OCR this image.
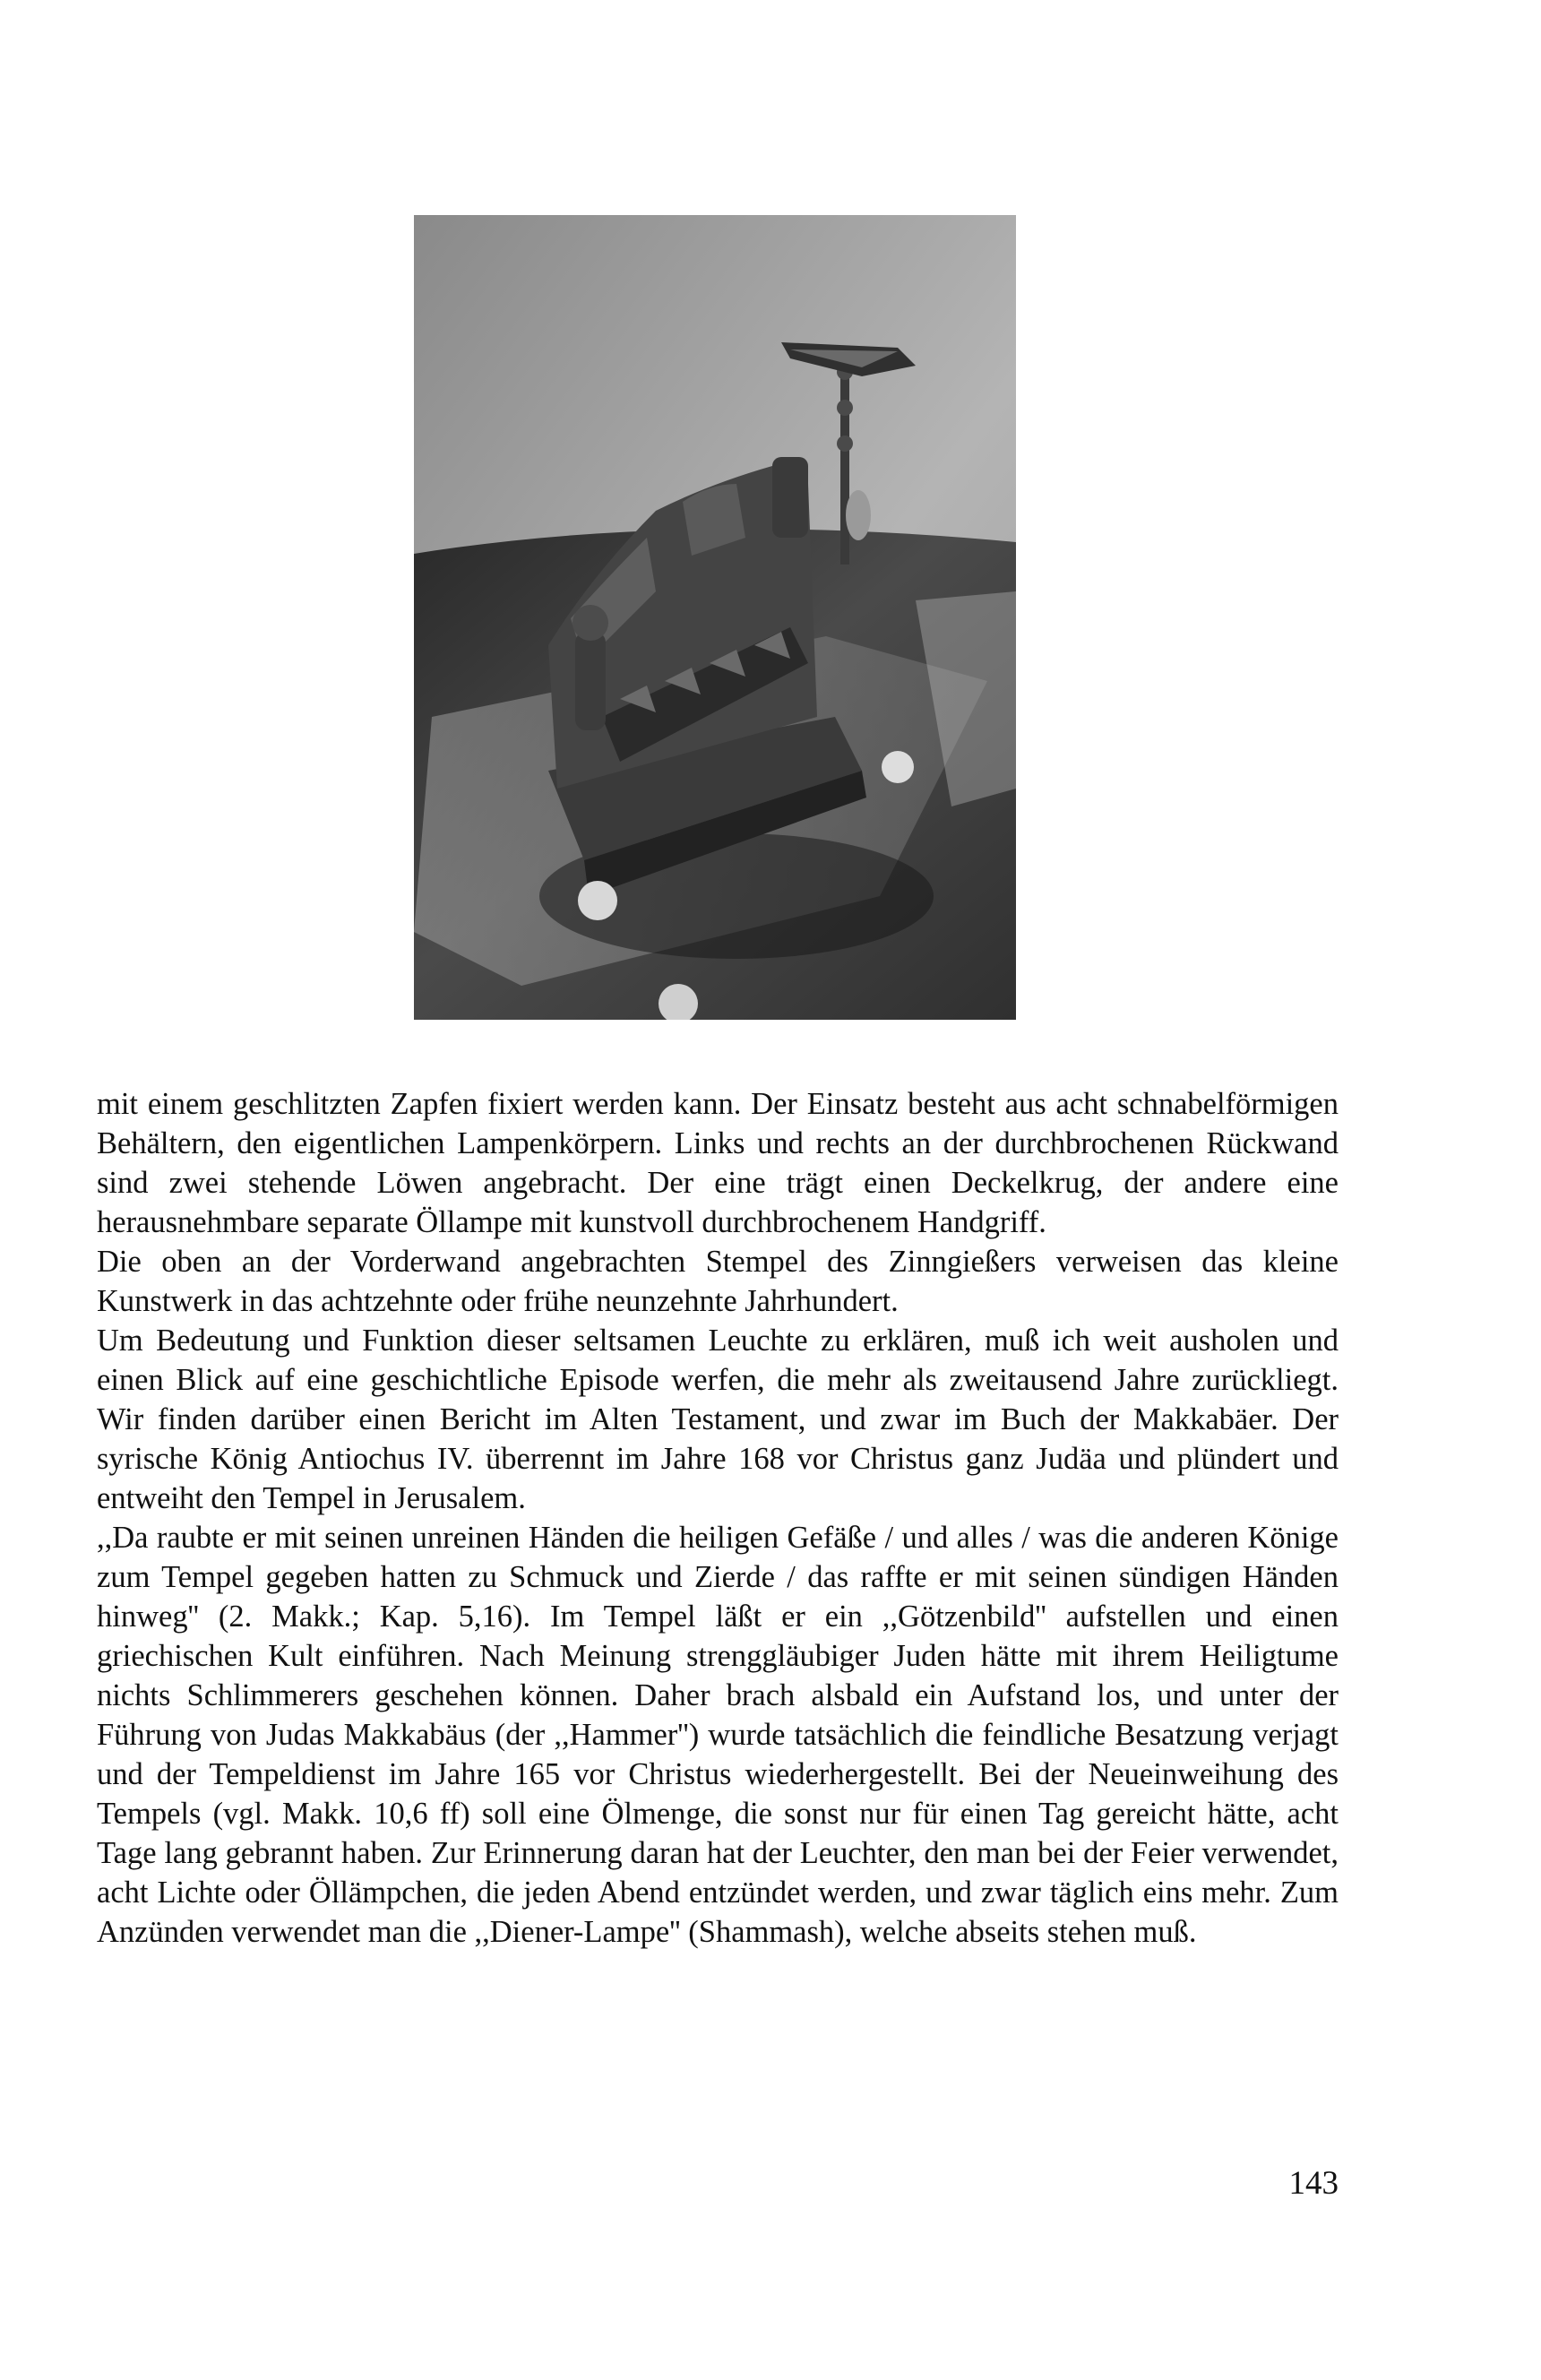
mit einem geschlitzten Zapfen fixiert werden kann. Der Einsatz besteht aus acht schnabelförmigen Behältern, den eigentlichen Lampenkörpern. Links und rechts an der durchbrochenen Rückwand sind zwei stehende Löwen angebracht. Der eine trägt einen Deckelkrug, der andere eine herausnehmbare separate Öllampe mit kunstvoll durchbrochenem Handgriff.

Die oben an der Vorderwand angebrachten Stempel des Zinngießers verweisen das kleine Kunstwerk in das achtzehnte oder frühe neunzehnte Jahrhundert.

Um Bedeutung und Funktion dieser seltsamen Leuchte zu erklären, muß ich weit ausholen und einen Blick auf eine geschichtliche Episode werfen, die mehr als zweitausend Jahre zurückliegt. Wir finden darüber einen Bericht im Alten Testament, und zwar im Buch der Makkabäer. Der syrische König Antiochus IV. überrennt im Jahre 168 vor Christus ganz Judäa und plündert und entweiht den Tempel in Jerusalem.

,,Da raubte er mit seinen unreinen Händen die heiligen Gefäße / und alles / was die anderen Könige zum Tempel gegeben hatten zu Schmuck und Zierde / das raffte er mit seinen sündigen Händen hinweg'' (2. Makk.; Kap. 5,16). Im Tempel läßt er ein ,,Götzenbild'' aufstellen und einen griechischen Kult einführen. Nach Meinung strenggläubiger Juden hätte mit ihrem Heiligtume nichts Schlimmerers geschehen können. Daher brach alsbald ein Aufstand los, und unter der Führung von Judas Makkabäus (der ,,Hammer'') wurde tatsächlich die feindliche Besatzung verjagt und der Tempeldienst im Jahre 165 vor Christus wiederhergestellt. Bei der Neueinweihung des Tempels (vgl. Makk. 10,6 ff) soll eine Ölmenge, die sonst nur für einen Tag gereicht hätte, acht Tage lang gebrannt haben. Zur Erinnerung daran hat der Leuchter, den man bei der Feier verwendet, acht Lichte oder Öllämpchen, die jeden Abend entzündet werden, und zwar täglich eins mehr. Zum Anzünden verwendet man die ,,Diener-Lampe'' (Shammash), welche abseits stehen muß.

143
